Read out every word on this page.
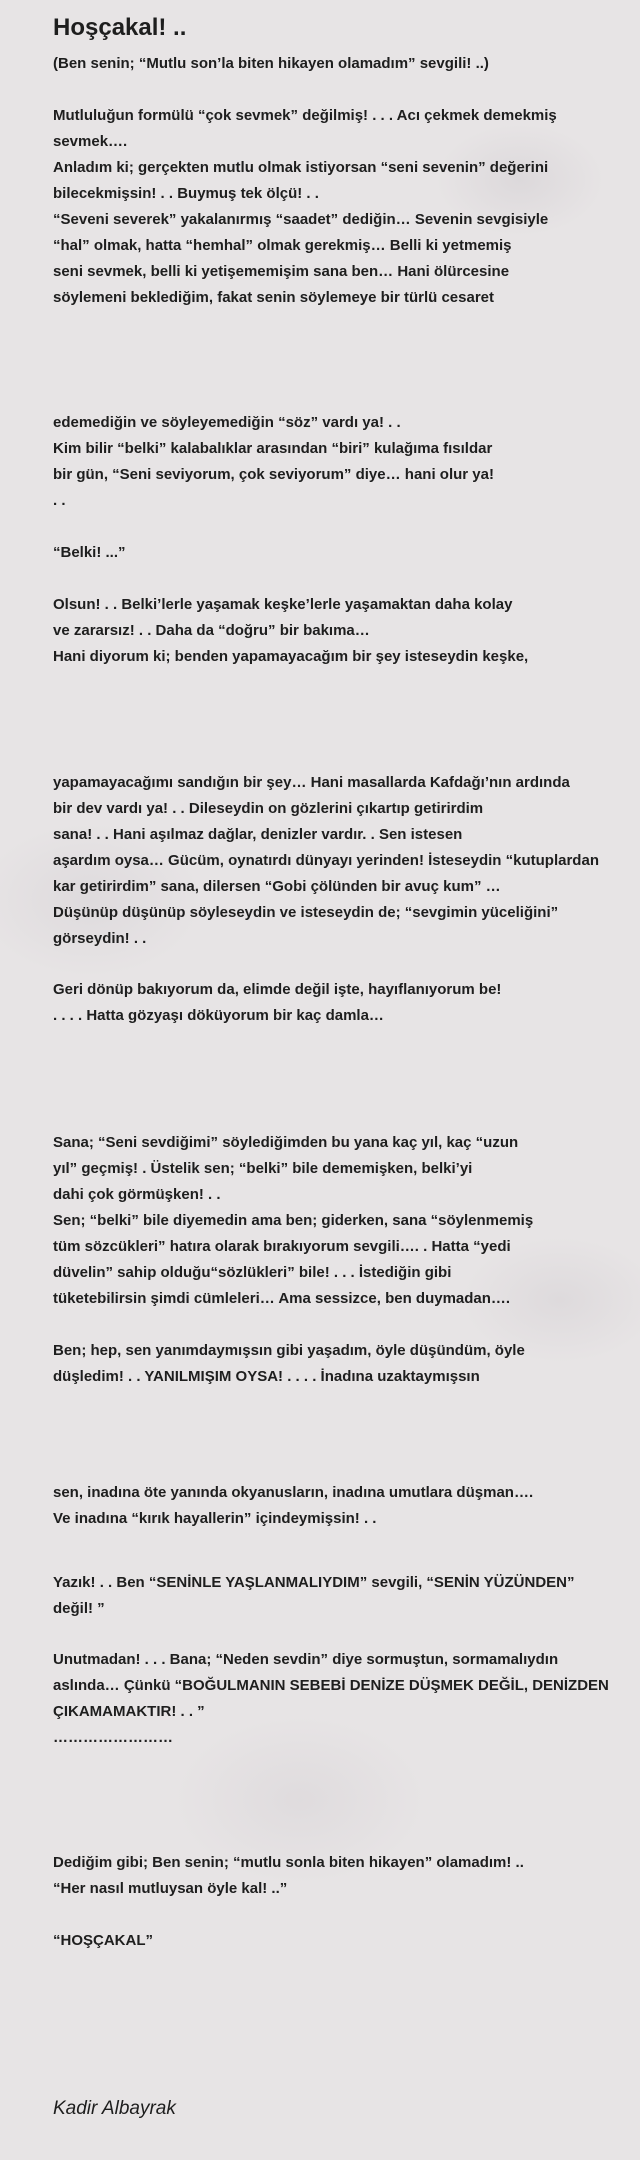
Hoşçakal! ..

(Ben senin; “Mutlu son’la biten hikayen olamadım” sevgili! ..)

Mutluluğun formülü “çok sevmek” değilmiş! . . . Acı çekmek demekmiş
sevmek….
Anladım ki; gerçekten mutlu olmak istiyorsan “seni sevenin” değerini
bilecekmişsin! . . Buymuş tek ölçü! . .
“Seveni severek” yakalanırmış “saadet” dediğin… Sevenin sevgisiyle
“hal” olmak, hatta “hemhal” olmak gerekmiş… Belli ki yetmemiş
seni sevmek, belli ki yetişememişim sana ben… Hani ölürcesine
söylemeni beklediğim, fakat senin söylemeye bir türlü cesaret

edemediğin ve söyleyemediğin “söz” vardı ya! . .
Kim bilir “belki” kalabalıklar arasından “biri” kulağıma fısıldar
bir gün, “Seni seviyorum, çok seviyorum” diye… hani olur ya!
. .

“Belki! ...”

Olsun! . . Belki’lerle yaşamak keşke’lerle yaşamaktan daha kolay
ve zararsız! . . Daha da “doğru” bir bakıma…
Hani diyorum ki; benden yapamayacağım bir şey isteseydin keşke,

yapamayacağımı sandığın bir şey… Hani masallarda Kafdağı’nın ardında
bir dev vardı ya! . . Dileseydin on gözlerini çıkartıp getirirdim
sana! . . Hani aşılmaz dağlar, denizler vardır. . Sen istesen
aşardım oysa… Gücüm, oynatırdı dünyayı yerinden! İsteseydin “kutuplardan
kar getirirdim” sana, dilersen “Gobi çölünden bir avuç kum” …
Düşünüp düşünüp söyleseydin ve isteseydin de; “sevgimin yüceliğini”
görseydin! . .

Geri dönüp bakıyorum da, elimde değil işte, hayıflanıyorum be!
. . . . Hatta gözyaşı döküyorum bir kaç damla…

Sana; “Seni sevdiğimi” söylediğimden bu yana kaç yıl, kaç “uzun
yıl” geçmiş! . Üstelik sen; “belki” bile dememişken, belki’yi
dahi çok görmüşken! . .
Sen; “belki” bile diyemedin ama ben; giderken, sana “söylenmemiş
tüm sözcükleri” hatıra olarak bırakıyorum sevgili…. . Hatta “yedi
düvelin” sahip olduğu“sözlükleri” bile! . . . İstediğin gibi
tüketebilirsin şimdi cümleleri… Ama sessizce, ben duymadan….

Ben; hep, sen yanımdaymışsın gibi yaşadım, öyle düşündüm, öyle
düşledim! . . YANILMIŞIM OYSA! . . . . İnadına uzaktaymışsın

sen, inadına öte yanında okyanusların, inadına umutlara düşman….
Ve inadına “kırık hayallerin” içindeymişsin! . .

Yazık! . . Ben “SENİNLE YAŞLANMALIYDIM” sevgili, “SENİN YÜZÜNDEN”
değil! ”

Unutmadan! . . . Bana; “Neden sevdin” diye sormuştun, sormamalıydın
aslında… Çünkü “BOĞULMANIN SEBEBİ DENİZE DÜŞMEK DEĞİL, DENİZDEN
ÇIKAMAMAKTIR! . . ”
……………………

Dediğim gibi; Ben senin; “mutlu sonla biten hikayen” olamadım! ..
“Her nasıl mutluysan öyle kal! ..”

“HOŞÇAKAL”

Kadir Albayrak
